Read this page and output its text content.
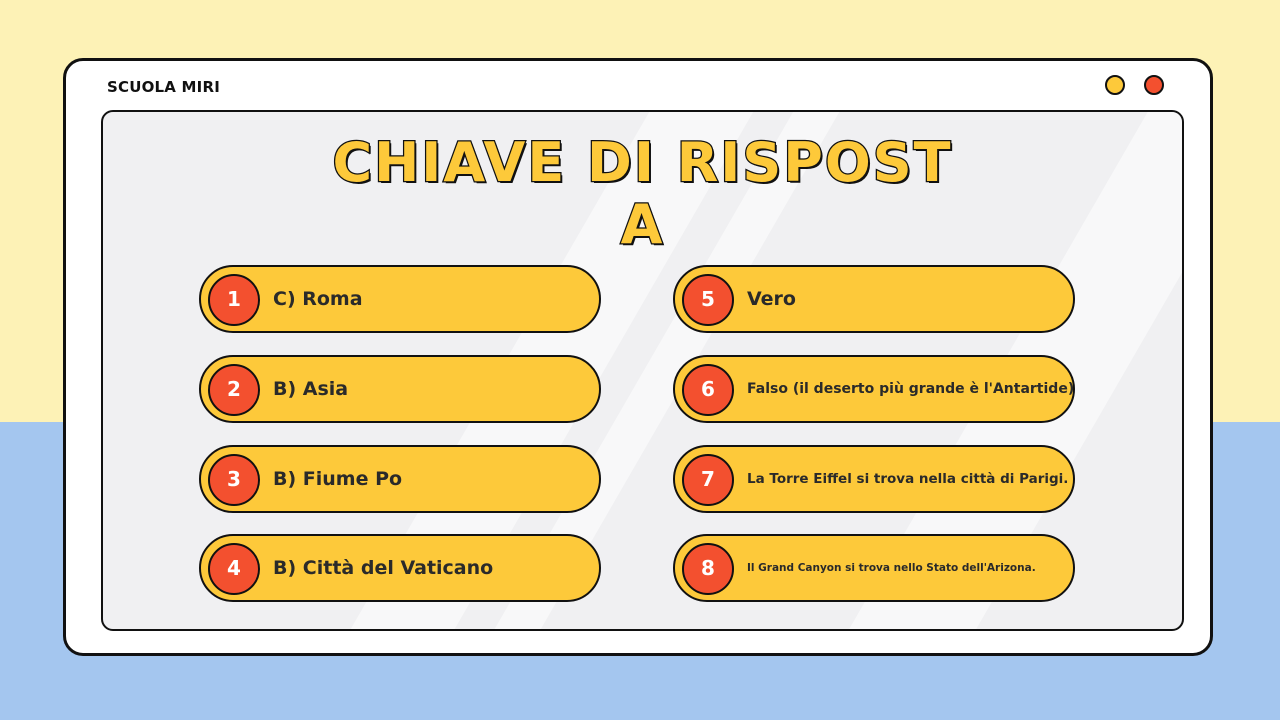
SCUOLA MIRI
CHIAVE DI RISPOST
A
1	C) Roma
2	B) Asia
3	B) Fiume Po
4	B) Città del Vaticano
5	Vero
6	Falso (il deserto più grande è l'Antartide)
7	La Torre Eiffel si trova nella città di Parigi.
8	Il Grand Canyon si trova nello Stato dell'Arizona.
